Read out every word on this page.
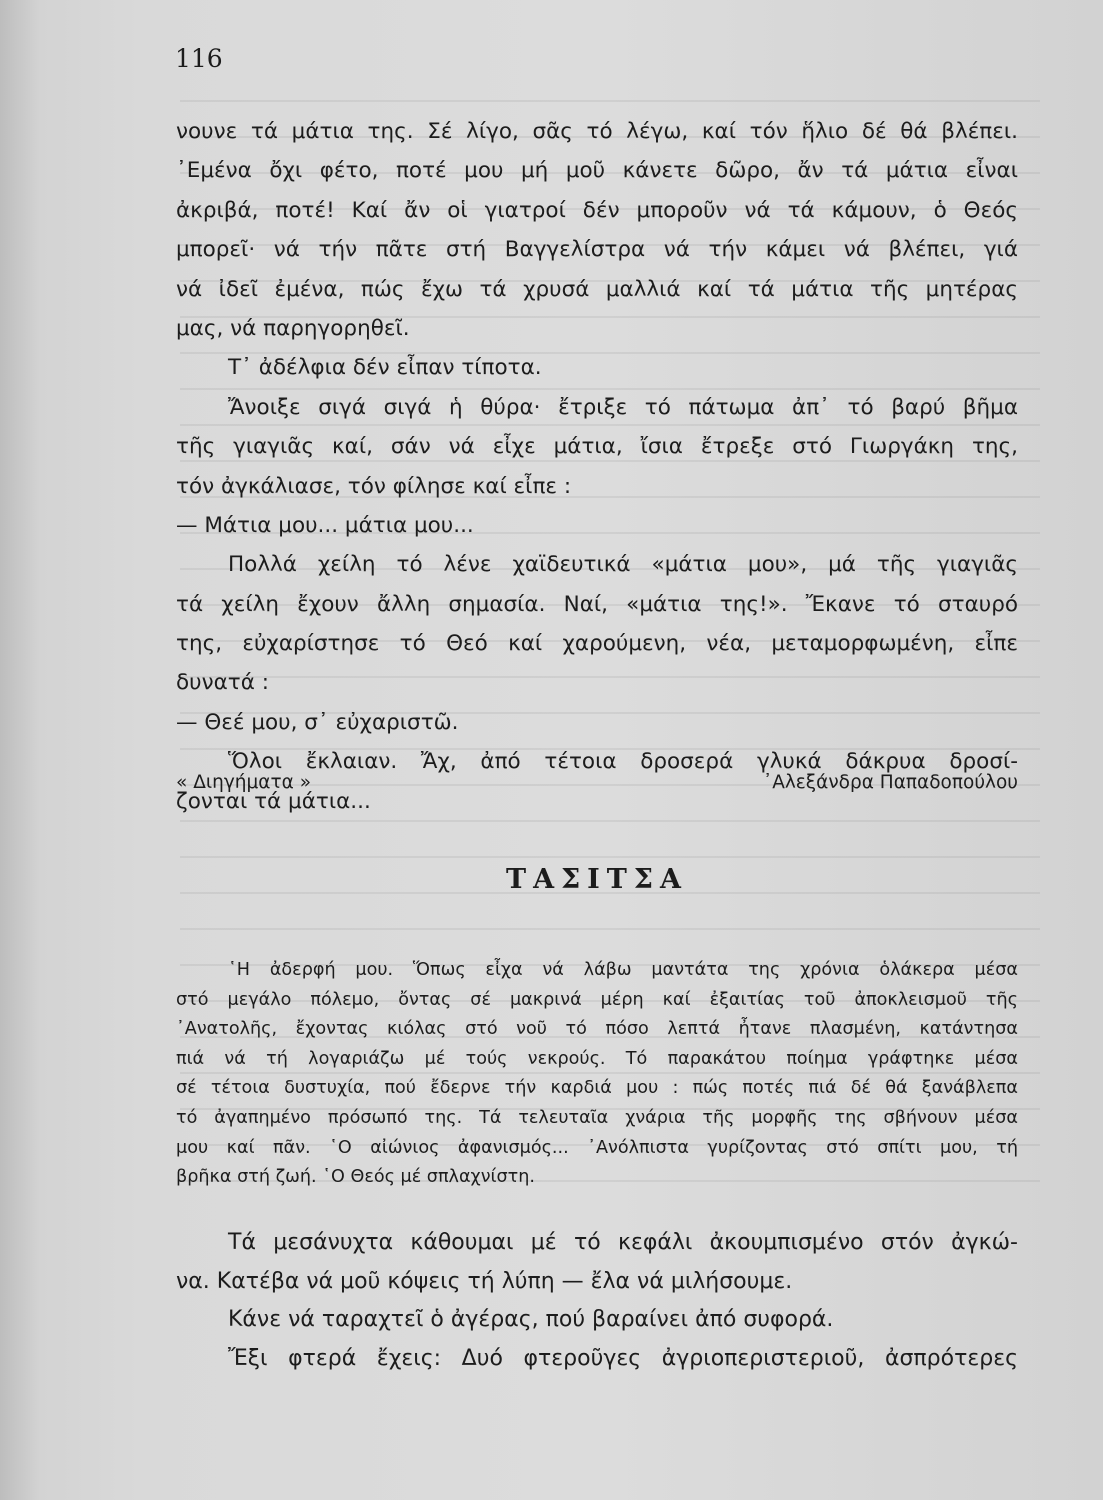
116
νουνε τά μάτια της. Σέ λίγο, σᾶς τό λέγω, καί τόν ἥλιο δέ θά βλέπει.
᾿Εμένα ὄχι φέτο, ποτέ μου μή μοῦ κάνετε δῶρο, ἄν τά μάτια εἶναι
ἀκριβά, ποτέ! Καί ἄν οἱ γιατροί δέν μποροῦν νά τά κάμουν, ὁ Θεός
μπορεῖ· νά τήν πᾶτε στή Βαγγελίστρα νά τήν κάμει νά βλέπει, γιά
νά ἰδεῖ ἐμένα, πώς ἔχω τά χρυσά μαλλιά καί τά μάτια τῆς μητέρας
μας, νά παρηγορηθεῖ.
Τ᾿ ἀδέλφια δέν εἶπαν τίποτα.
Ἄνοιξε σιγά σιγά ἡ θύρα· ἔτριξε τό πάτωμα ἀπ᾿ τό βαρύ βῆμα
τῆς γιαγιᾶς καί, σάν νά εἶχε μάτια, ἴσια ἔτρεξε στό Γιωργάκη της,
τόν ἀγκάλιασε, τόν φίλησε καί εἶπε :
— Μάτια μου... μάτια μου...
Πολλά χείλη τό λένε χαϊδευτικά «μάτια μου», μά τῆς γιαγιᾶς
τά χείλη ἔχουν ἄλλη σημασία. Ναί, «μάτια της!». Ἔκανε τό σταυρό
της, εὐχαρίστησε τό Θεό καί χαρούμενη, νέα, μεταμορφωμένη, εἶπε
δυνατά :
— Θεέ μου, σ᾿ εὐχαριστῶ.
Ὅλοι ἔκλαιαν. Ἄχ, ἀπό τέτοια δροσερά γλυκά δάκρυα δροσί-
ζονται τά μάτια...
« Διηγήματα »	᾿Αλεξάνδρα Παπαδοπούλου
ΤΑΣΙΤΣΑ
῾Η ἀδερφή μου. Ὅπως εἶχα νά λάβω μαντάτα της χρόνια ὁλάκερα μέσα
στό μεγάλο πόλεμο, ὄντας σέ μακρινά μέρη καί ἐξαιτίας τοῦ ἀποκλεισμοῦ τῆς
᾿Ανατολῆς, ἔχοντας κιόλας στό νοῦ τό πόσο λεπτά ἦτανε πλασμένη, κατάντησα
πιά νά τή λογαριάζω μέ τούς νεκρούς. Τό παρακάτου ποίημα γράφτηκε μέσα
σέ τέτοια δυστυχία, πού ἔδερνε τήν καρδιά μου : πώς ποτές πιά δέ θά ξανάβλεπα
τό ἀγαπημένο πρόσωπό της. Τά τελευταῖα χνάρια τῆς μορφῆς της σβήνουν μέσα
μου καί πᾶν. ῾Ο αἰώνιος ἀφανισμός... ᾿Ανόλπιστα γυρίζοντας στό σπίτι μου, τή
βρῆκα στή ζωή. ῾Ο Θεός μέ σπλαχνίστη.
Τά μεσάνυχτα κάθουμαι μέ τό κεφάλι ἀκουμπισμένο στόν ἀγκώ-
να. Κατέβα νά μοῦ κόψεις τή λύπη — ἔλα νά μιλήσουμε.
Κάνε νά ταραχτεῖ ὁ ἀγέρας, πού βαραίνει ἀπό συφορά.
Ἔξι φτερά ἔχεις: Δυό φτεροῦγες ἀγριοπεριστεριοῦ, ἀσπρότερες
